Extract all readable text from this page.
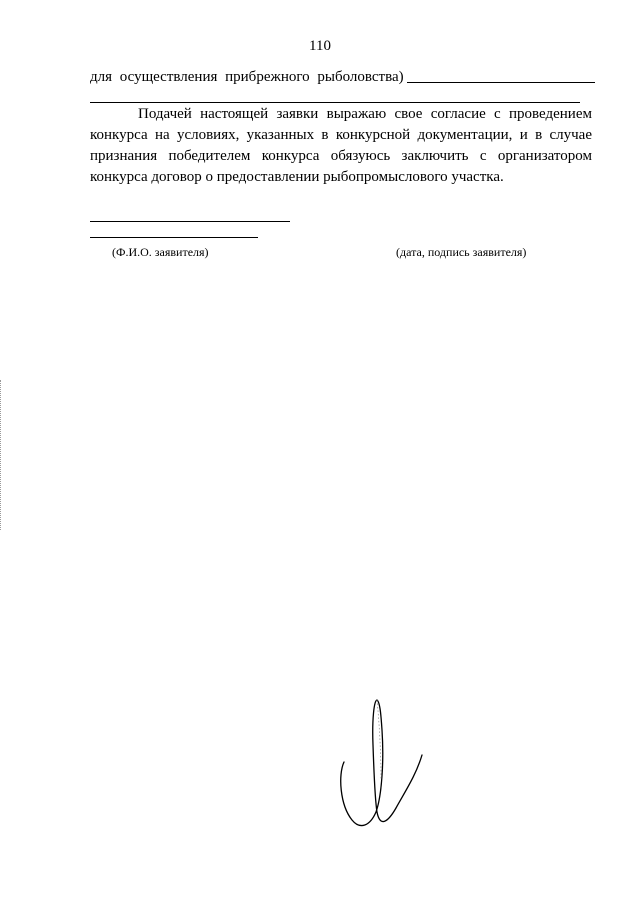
110
для осуществления прибрежного рыболовства)

Подачей настоящей заявки выражаю свое согласие с проведением конкурса на условиях, указанных в конкурсной документации, и в случае признания победителем конкурса обязуюсь заключить с организатором конкурса договор о предоставлении рыбопромыслового участка.

(Ф.И.О. заявителя)	(дата, подпись заявителя)
